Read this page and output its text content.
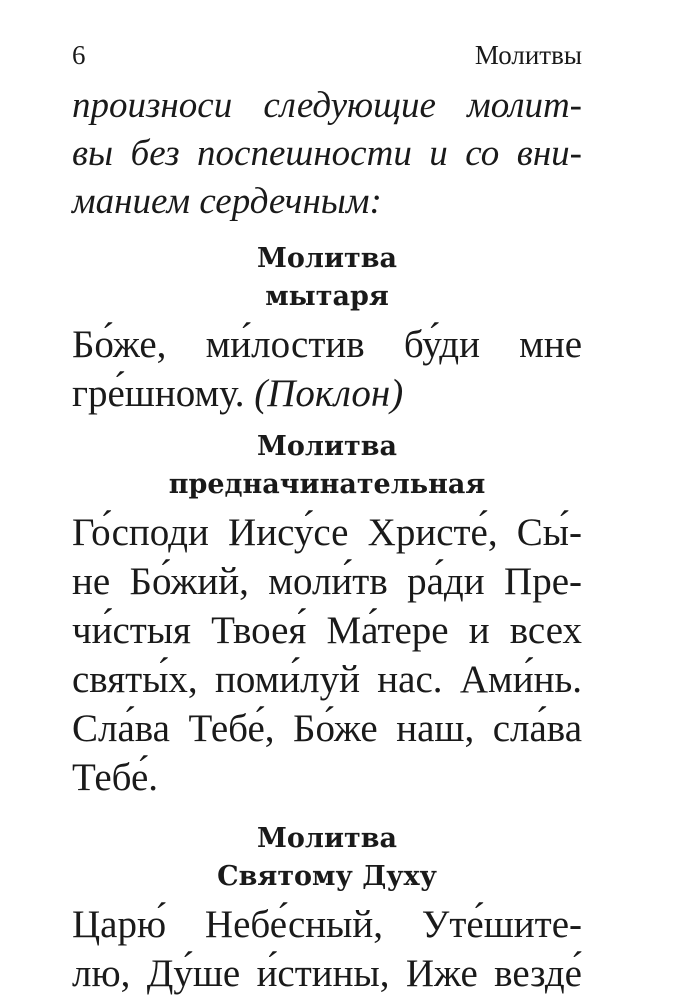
6	Молитвы
произноси следующие молит-
вы без поспешности и со вни-
манием сердечным:
Молитва
мытаря
Бо́же, ми́лостив бу́ди мне
гре́шному. (Поклон)
Молитва
предначинательная
Го́споди Иису́се Христе́, Сы́-
не Бо́жий, моли́тв ра́ди Пре-
чи́стыя Твоея́ Ма́тере и всех
святы́х, поми́луй нас. Ами́нь.
Сла́ва Тебе́, Бо́же наш, сла́ва
Тебе́.
Молитва
Святому Духу
Царю́ Небе́сный, Уте́шите-
лю, Ду́ше и́стины, Иже везде́
